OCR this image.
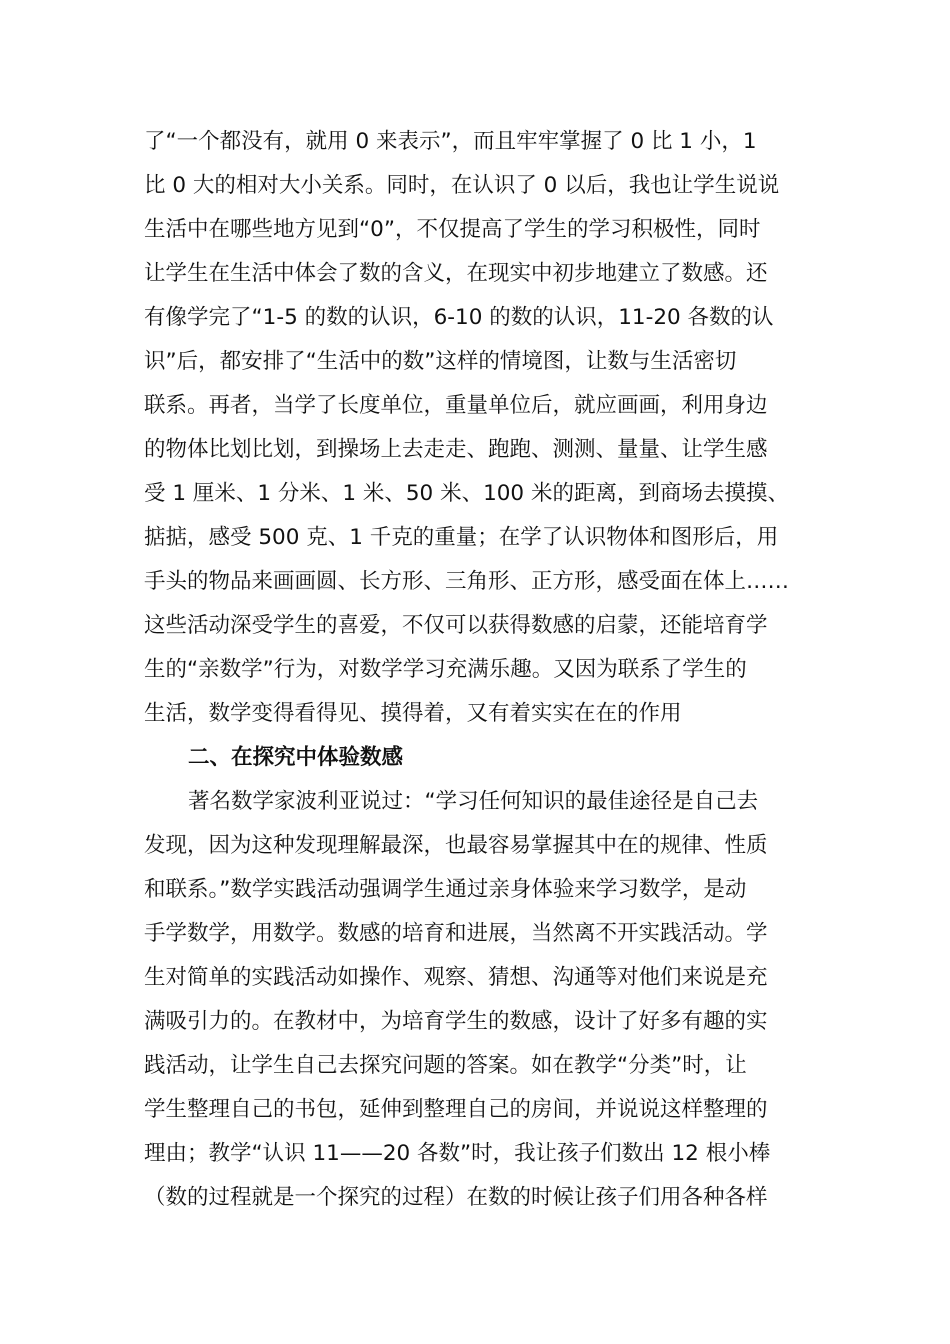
了“一个都没有，就用 0 来表示”，而且牢牢掌握了 0 比 1 小，1
比 0 大的相对大小关系。同时，在认识了 0 以后，我也让学生说说
生活中在哪些地方见到“0”，不仅提高了学生的学习积极性，同时
让学生在生活中体会了数的含义，在现实中初步地建立了数感。还
有像学完了“1-5 的数的认识，6-10 的数的认识，11-20 各数的认
识”后，都安排了“生活中的数”这样的情境图，让数与生活密切
联系。再者，当学了长度单位，重量单位后，就应画画，利用身边
的物体比划比划，到操场上去走走、跑跑、测测、量量、让学生感
受 1 厘米、1 分米、1 米、50 米、100 米的距离，到商场去摸摸、
掂掂，感受 500 克、1 千克的重量；在学了认识物体和图形后，用
手头的物品来画画圆、长方形、三角形、正方形，感受面在体上……
这些活动深受学生的喜爱，不仅可以获得数感的启蒙，还能培育学
生的“亲数学”行为，对数学学习充满乐趣。又因为联系了学生的
生活，数学变得看得见、摸得着，又有着实实在在的作用
二、在探究中体验数感
著名数学家波利亚说过：“学习任何知识的最佳途径是自己去
发现，因为这种发现理解最深，也最容易掌握其中在的规律、性质
和联系。”数学实践活动强调学生通过亲身体验来学习数学，是动
手学数学，用数学。数感的培育和进展，当然离不开实践活动。学
生对简单的实践活动如操作、观察、猜想、沟通等对他们来说是充
满吸引力的。在教材中，为培育学生的数感，设计了好多有趣的实
践活动，让学生自己去探究问题的答案。如在教学“分类”时，让
学生整理自己的书包，延伸到整理自己的房间，并说说这样整理的
理由；教学“认识 11——20 各数”时，我让孩子们数出 12 根小棒
（数的过程就是一个探究的过程）在数的时候让孩子们用各种各样
